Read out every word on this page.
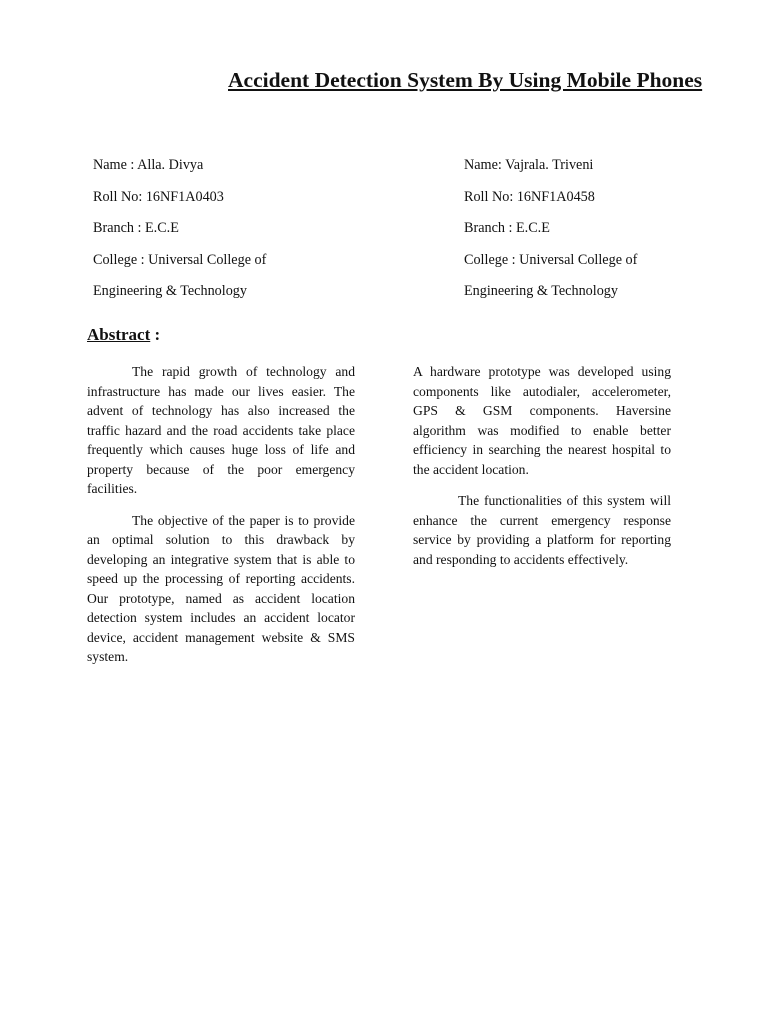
Accident Detection System By Using Mobile Phones
Name : Alla. Divya
Roll No: 16NF1A0403
Branch : E.C.E
College : Universal College of
Engineering & Technology
Name: Vajrala. Triveni
Roll No: 16NF1A0458
Branch : E.C.E
College : Universal College of
Engineering & Technology
Abstract :

The rapid growth of technology and infrastructure has made our lives easier. The advent of technology has also increased the traffic hazard and the road accidents take place frequently which causes huge loss of life and property because of the poor emergency facilities.

The objective of the paper is to provide an optimal solution to this drawback by developing an integrative system that is able to speed up the processing of reporting accidents. Our prototype, named as accident location detection system includes an accident locator device, accident management website & SMS system.

A hardware prototype was developed using components like autodialer, accelerometer, GPS & GSM components. Haversine algorithm was modified to enable better efficiency in searching the nearest hospital to the accident location.

The functionalities of this system will enhance the current emergency response service by providing a platform for reporting and responding to accidents effectively.
